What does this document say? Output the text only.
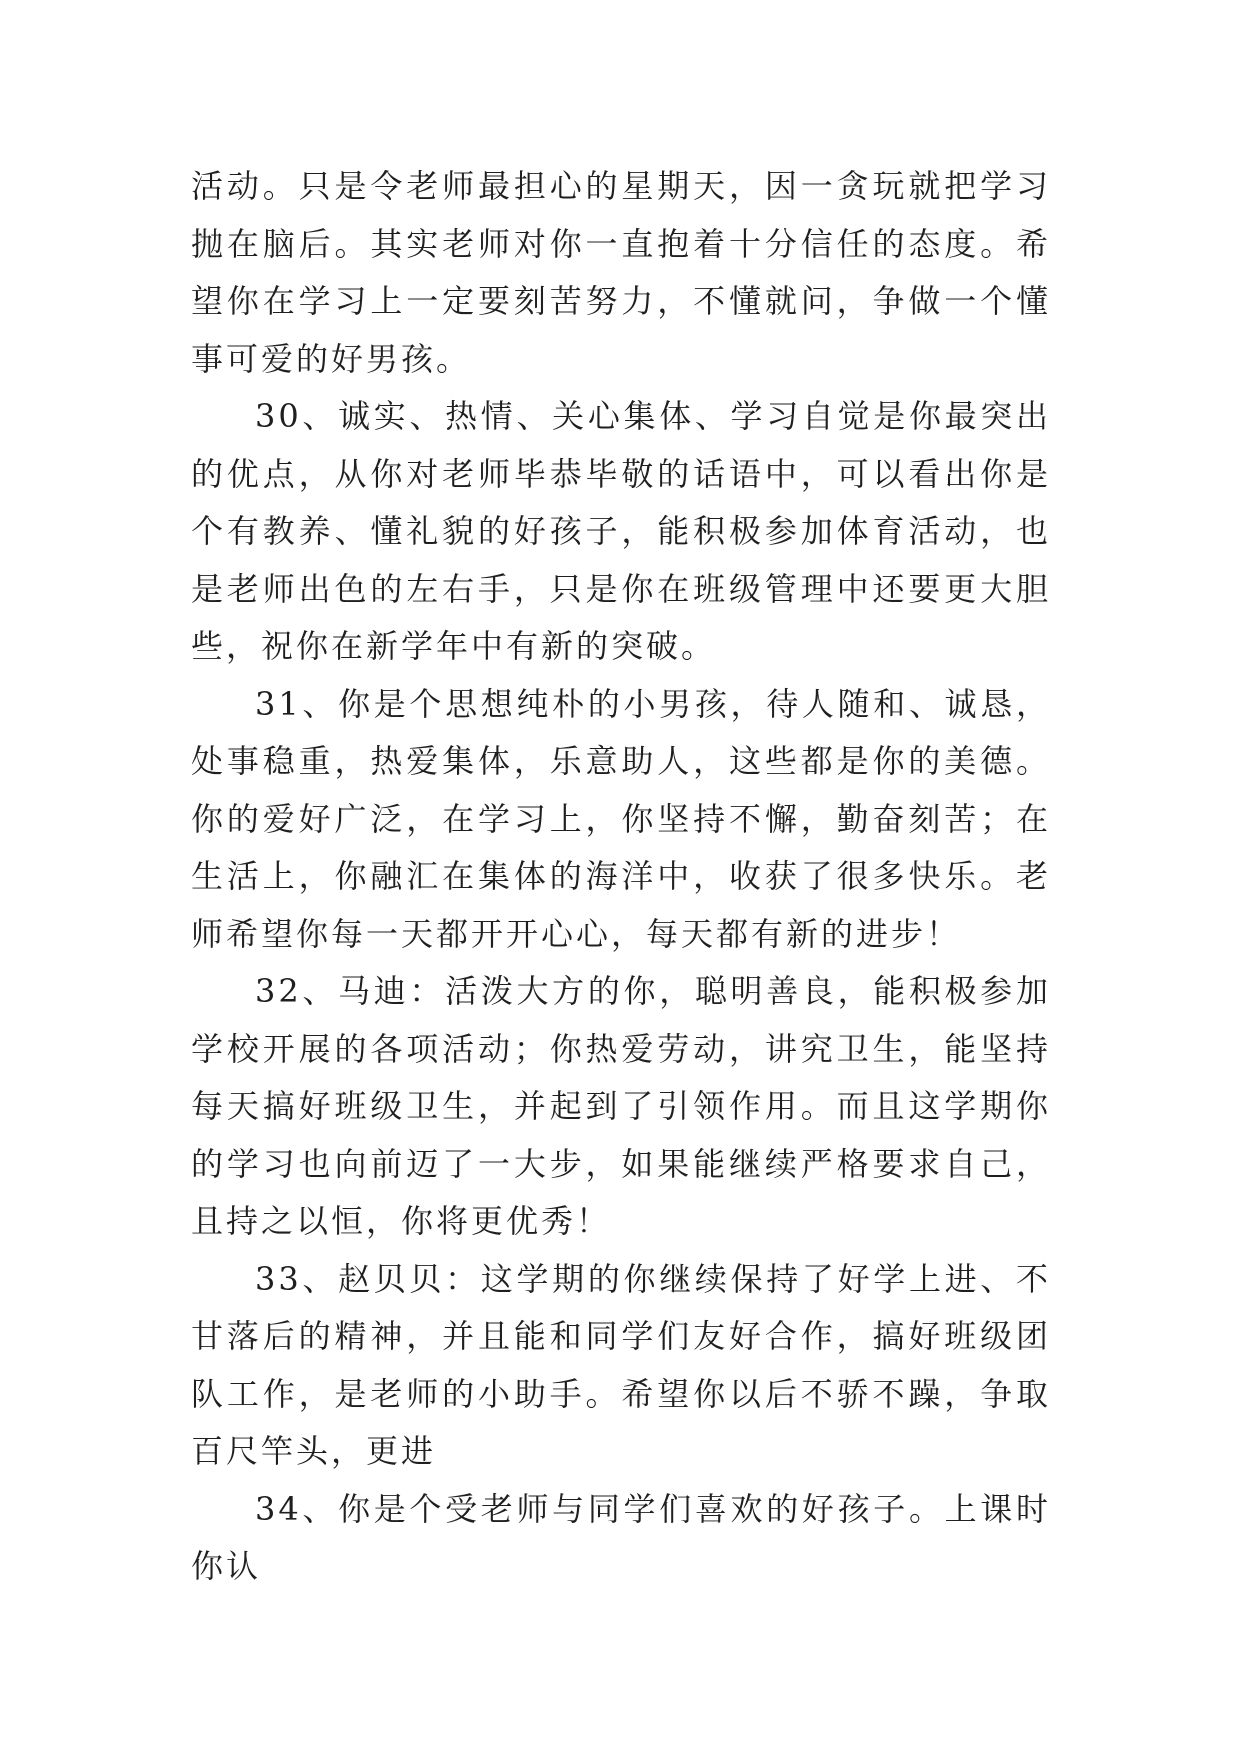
活动。只是令老师最担心的星期天，因一贪玩就把学习抛在脑后。其实老师对你一直抱着十分信任的态度。希望你在学习上一定要刻苦努力，不懂就问，争做一个懂事可爱的好男孩。

30、诚实、热情、关心集体、学习自觉是你最突出的优点，从你对老师毕恭毕敬的话语中，可以看出你是个有教养、懂礼貌的好孩子，能积极参加体育活动，也是老师出色的左右手，只是你在班级管理中还要更大胆些，祝你在新学年中有新的突破。

31、你是个思想纯朴的小男孩，待人随和、诚恳，处事稳重，热爱集体，乐意助人，这些都是你的美德。你的爱好广泛，在学习上，你坚持不懈，勤奋刻苦；在生活上，你融汇在集体的海洋中，收获了很多快乐。老师希望你每一天都开开心心，每天都有新的进步！

32、马迪：活泼大方的你，聪明善良，能积极参加学校开展的各项活动；你热爱劳动，讲究卫生，能坚持每天搞好班级卫生，并起到了引领作用。而且这学期你的学习也向前迈了一大步，如果能继续严格要求自己，且持之以恒，你将更优秀！

33、赵贝贝：这学期的你继续保持了好学上进、不甘落后的精神，并且能和同学们友好合作，搞好班级团队工作，是老师的小助手。希望你以后不骄不躁，争取百尺竿头，更进

34、你是个受老师与同学们喜欢的好孩子。上课时你认
